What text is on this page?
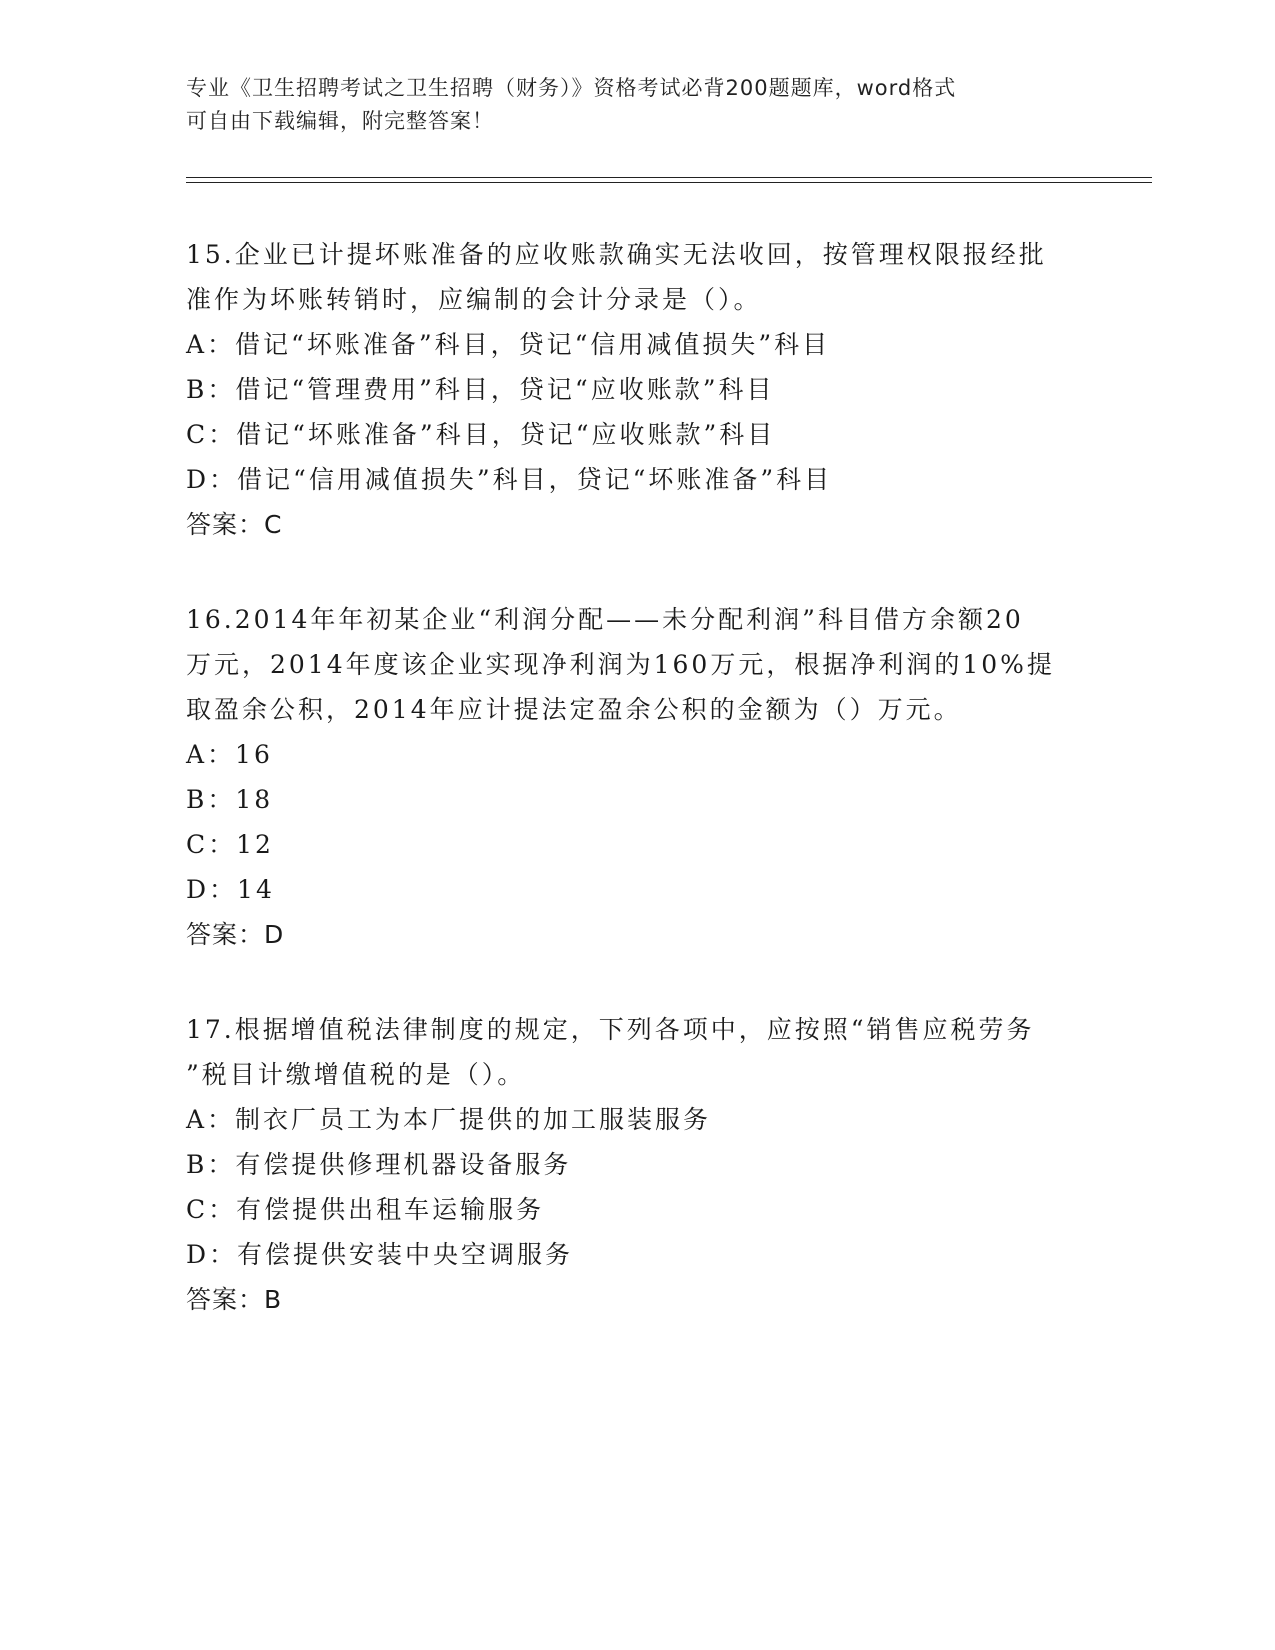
专业《卫生招聘考试之卫生招聘（财务）》资格考试必背200题题库，word格式
可自由下载编辑，附完整答案！
15.企业已计提坏账准备的应收账款确实无法收回，按管理权限报经批
准作为坏账转销时，应编制的会计分录是（）。
A：借记“坏账准备”科目，贷记“信用减值损失”科目
B：借记“管理费用”科目，贷记“应收账款”科目
C：借记“坏账准备”科目，贷记“应收账款”科目
D：借记“信用减值损失”科目，贷记“坏账准备”科目
答案：C
16.2014年年初某企业“利润分配——未分配利润”科目借方余额20
万元，2014年度该企业实现净利润为160万元，根据净利润的10%提
取盈余公积，2014年应计提法定盈余公积的金额为（）万元。
A：16
B：18
C：12
D：14
答案：D
17.根据增值税法律制度的规定，下列各项中，应按照“销售应税劳务
”税目计缴增值税的是（）。
A：制衣厂员工为本厂提供的加工服装服务
B：有偿提供修理机器设备服务
C：有偿提供出租车运输服务
D：有偿提供安装中央空调服务
答案：B
